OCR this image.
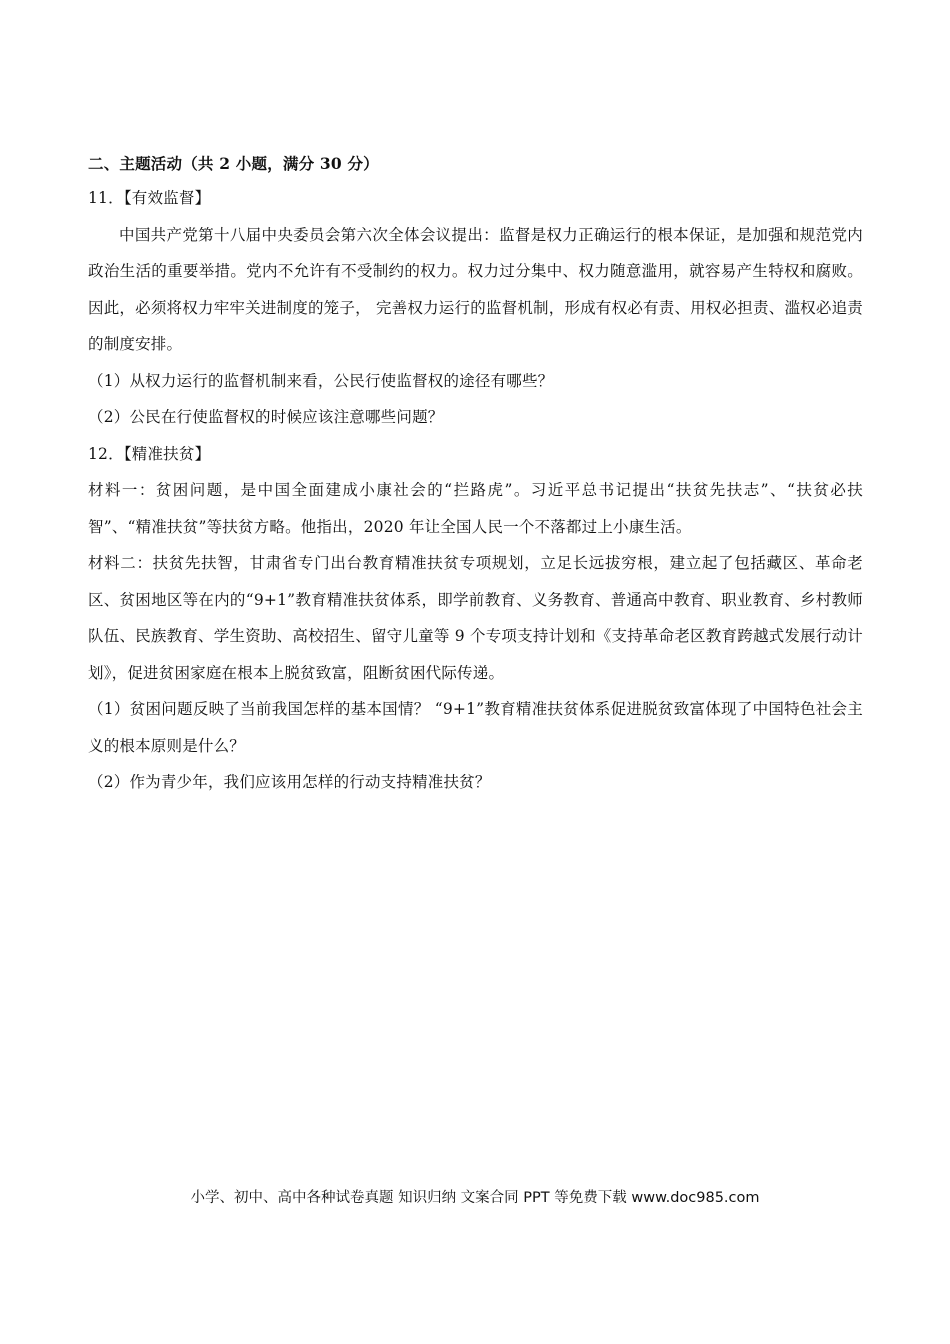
二、主题活动（共 2 小题，满分 30 分）

11．【有效监督】

中国共产党第十八届中央委员会第六次全体会议提出：监督是权力正确运行的根本保证，是加强和规范党内政治生活的重要举措。党内不允许有不受制约的权力。权力过分集中、权力随意滥用，就容易产生特权和腐败。因此，必须将权力牢牢关进制度的笼子， 完善权力运行的监督机制，形成有权必有责、用权必担责、滥权必追责的制度安排。

（1）从权力运行的监督机制来看，公民行使监督权的途径有哪些？

（2）公民在行使监督权的时候应该注意哪些问题？

12．【精准扶贫】

材料一：贫困问题，是中国全面建成小康社会的“拦路虎”。习近平总书记提出“扶贫先扶志”、“扶贫必扶智”、“精准扶贫”等扶贫方略。他指出，2020 年让全国人民一个不落都过上小康生活。

材料二：扶贫先扶智，甘肃省专门出台教育精准扶贫专项规划，立足长远拔穷根，建立起了包括藏区、革命老区、贫困地区等在内的“9+1”教育精准扶贫体系，即学前教育、义务教育、普通高中教育、职业教育、乡村教师队伍、民族教育、学生资助、高校招生、留守儿童等 9 个专项支持计划和《支持革命老区教育跨越式发展行动计划》，促进贫困家庭在根本上脱贫致富，阻断贫困代际传递。

（1）贫困问题反映了当前我国怎样的基本国情？ “9+1”教育精准扶贫体系促进脱贫致富体现了中国特色社会主义的根本原则是什么？

（2）作为青少年，我们应该用怎样的行动支持精准扶贫？

小学、初中、高中各种试卷真题 知识归纳 文案合同 PPT 等免费下载 www.doc985.com
